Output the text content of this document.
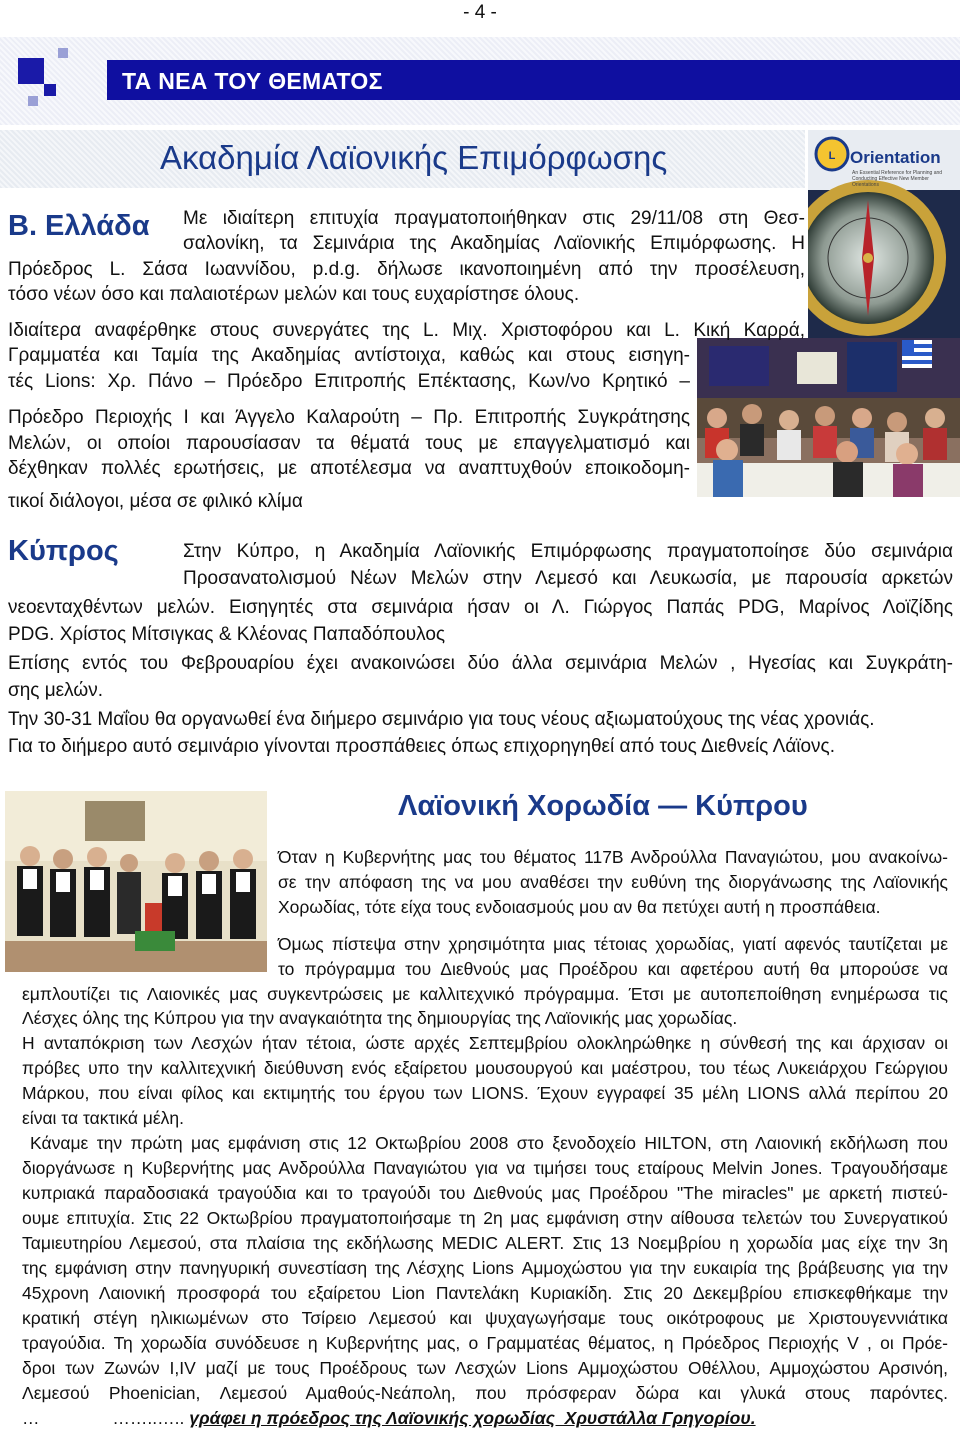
- 4 -
ΤΑ ΝΕΑ ΤΟΥ ΘΕΜΑΤΟΣ
Ακαδημία Λαϊονικής Επιμόρφωσης	L Orientation
An Essential Reference for Planning and Conducting Effective New Member Orientations
Β. Ελλάδα Με ιδιαίτερη επιτυχία πραγματοποιήθηκαν στις 29/11/08 στη Θεσ-
σαλονίκη, τα Σεμινάρια της Ακαδημίας Λαϊονικής Επιμόρφωσης. Η
Πρόεδρος L. Σάσα Ιωαννίδου, p.d.g. δήλωσε ικανοποιημένη από την προσέλευση,
τόσο νέων όσο και παλαιοτέρων μελών και τους ευχαρίστησε όλους.
Ιδιαίτερα αναφέρθηκε στους συνεργάτες της L. Μιχ. Χριστοφόρου και L. Κική Καρρά,
Γραμματέα και Ταμία της Ακαδημίας αντίστοιχα, καθώς και στους εισηγη-
τές Lions: Χρ. Πάνο – Πρόεδρο Επιτροπής Επέκτασης, Κων/νο Κρητικό –
Πρόεδρο Περιοχής Ι και Άγγελο Καλαρούτη – Πρ. Επιτροπής Συγκράτησης
Μελών, οι οποίοι παρουσίασαν τα θέματά τους με επαγγελματισμό και
δέχθηκαν πολλές ερωτήσεις, με αποτέλεσμα να αναπτυχθούν εποικοδομη-
τικοί διάλογοι, μέσα σε φιλικό κλίμα
Κύπρος	Στην Κύπρο, η Ακαδημία Λαϊονικής Επιμόρφωσης πραγματοποίησε δύο σεμινάρια
Προσανατολισμού Νέων Μελών στην Λεμεσό και Λευκωσία, με παρουσία αρκετών
νεοενταχθέντων μελών. Εισηγητές στα σεμινάρια ήσαν οι Λ. Γιώργος Παπάς PDG, Μαρίνος Λοϊζίδης
PDG. Χρίστος Μίτσιγκας & Κλέονας Παπαδόπουλος
Επίσης εντός του Φεβρουαρίου έχει ανακοινώσει δύο άλλα σεμινάρια Μελών , Ηγεσίας και Συγκράτη-
σης μελών.
Την 30-31 Μαΐου θα οργανωθεί ένα διήμερο σεμινάριο για τους νέους αξιωματούχους της νέας χρονιάς.
Για το διήμερο αυτό σεμινάριο γίνονται προσπάθειες όπως επιχορηγηθεί από τους Διεθνείς Λάϊονς.
Λαϊονική Χορωδία — Κύπρου
Όταν η Κυβερνήτης μας του θέματος 117Β Ανδρούλλα Παναγιώτου, μου ανακοίνω-
σε την απόφαση της να μου αναθέσει την ευθύνη της διοργάνωσης της Λαϊονικής
Χορωδίας, τότε είχα τους ενδοιασμούς μου αν θα πετύχει αυτή η προσπάθεια.
Όμως πίστεψα στην χρησιμότητα μιας τέτοιας χορωδίας, γιατί αφενός ταυτίζεται με
το πρόγραμμα του Διεθνούς μας Προέδρου και αφετέρου αυτή θα μπορούσε να
εμπλουτίζει τις Λαιονικές μας συγκεντρώσεις με καλλιτεχνικό πρόγραμμα. Έτσι με αυτοπεποίθηση ενημέρωσα τις
Λέσχες όλης της Κύπρου για την αναγκαιότητα της δημιουργίας της Λαϊονικής μας χορωδίας.
Η ανταπόκριση των Λεσχών ήταν τέτοια, ώστε αρχές Σεπτεμβρίου ολοκληρώθηκε η σύνθεσή της και άρχισαν οι
πρόβες υπο την καλλιτεχνική διεύθυνση ενός εξαίρετου μουσουργού και μαέστρου, του τέως Λυκειάρχου Γεώργιου
Μάρκου, που είναι φίλος και εκτιμητής του έργου των LIONS. Έχουν εγγραφεί 35 μέλη LIONS αλλά περίπου 20
είναι τα τακτικά μέλη.
Κάναμε την πρώτη μας εμφάνιση στις 12 Οκτωβρίου 2008 στο ξενοδοχείο HILTON, στη Λαιονική εκδήλωση που
διοργάνωσε η Κυβερνήτης μας Ανδρούλλα Παναγιώτου για να τιμήσει τους εταίρους Melvin Jones. Τραγουδήσαμε
κυπριακά παραδοσιακά τραγούδια και το τραγούδι του Διεθνούς μας Προέδρου "The miracles" με αρκετή πιστεύ-
ουμε επιτυχία. Στις 22 Οκτωβρίου πραγματοποιήσαμε τη 2η μας εμφάνιση στην αίθουσα τελετών του Συνεργατικού
Ταμιευτηρίου Λεμεσού, στα πλαίσια της εκδήλωσης MEDIC ALERT. Στις 13 Νοεμβρίου η χορωδία μας είχε την 3η
της εμφάνιση στην πανηγυρική συνεστίαση της Λέσχης Lions Αμμοχώστου για την ευκαιρία της βράβευσης για την
45χρονη Λαιονική προσφορά του εξαίρετου Lion Παντελάκη Κυριακίδη. Στις 20 Δεκεμβρίου επισκεφθήκαμε την
κρατική στέγη ηλικιωμένων στο Τσίρειο Λεμεσού και ψυχαγωγήσαμε τους οικότροφους με Χριστουγεννιάτικα
τραγούδια. Τη χορωδία συνόδευσε η Κυβερνήτης μας, ο Γραμματέας θέματος, η Πρόεδρος Περιοχής V , οι Πρόε-
δροι των Ζωνών I,IV μαζί με τους Προέδρους των Λεσχών Lions Αμμοχώστου Οθέλλου, Αμμοχώστου Αρσινόη,
Λεμεσού Phoenician, Λεμεσού Αμαθούς-Νεάπολη, που πρόσφεραν δώρα και γλυκά στους παρόντες.
…               ……..….. γράφει η πρόεδρος της Λαϊονικής χορωδίας  Χρυστάλλα Γρηγορίου.
